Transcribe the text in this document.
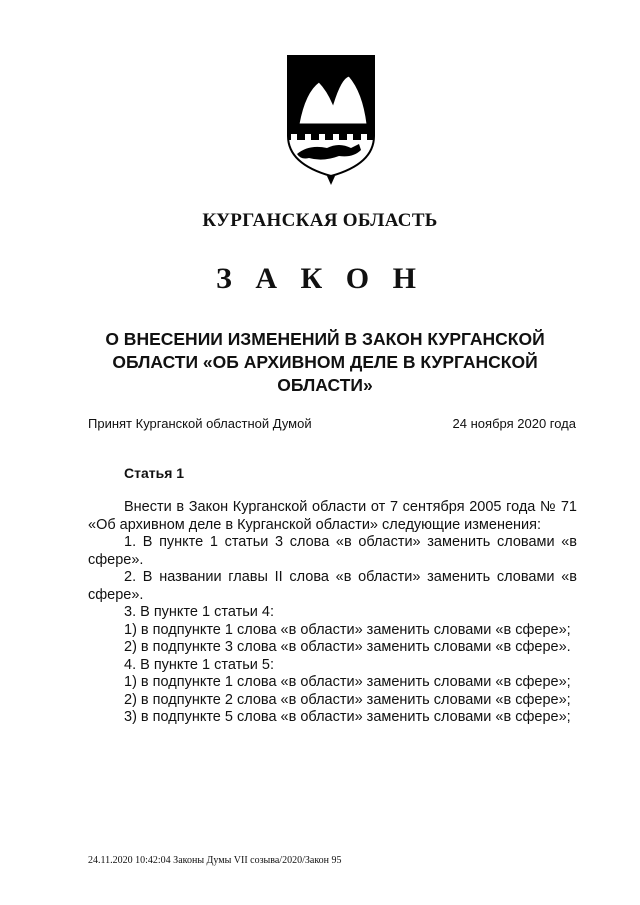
КУРГАНСКАЯ ОБЛАСТЬ
З А К О Н
О ВНЕСЕНИИ ИЗМЕНЕНИЙ В ЗАКОН КУРГАНСКОЙ ОБЛАСТИ «ОБ АРХИВНОМ ДЕЛЕ В КУРГАНСКОЙ ОБЛАСТИ»
Принят Курганской областной Думой	24 ноября 2020 года
Статья 1

Внести в Закон Курганской области от 7 сентября 2005 года № 71 «Об архивном деле в Курганской области» следующие изменения:

1. В пункте 1 статьи 3 слова «в области» заменить словами «в сфере».

2. В названии главы II слова «в области» заменить словами «в сфере».

3. В пункте 1 статьи 4:

1) в подпункте 1 слова «в области» заменить словами «в сфере»;

2) в подпункте 3 слова «в области» заменить словами «в сфере».

4. В пункте 1 статьи 5:

1) в подпункте 1 слова «в области» заменить словами «в сфере»;

2) в подпункте 2 слова «в области» заменить словами «в сфере»;

3) в подпункте 5 слова «в области» заменить словами «в сфере»;

24.11.2020 10:42:04 Законы Думы VII созыва/2020/Закон 95
